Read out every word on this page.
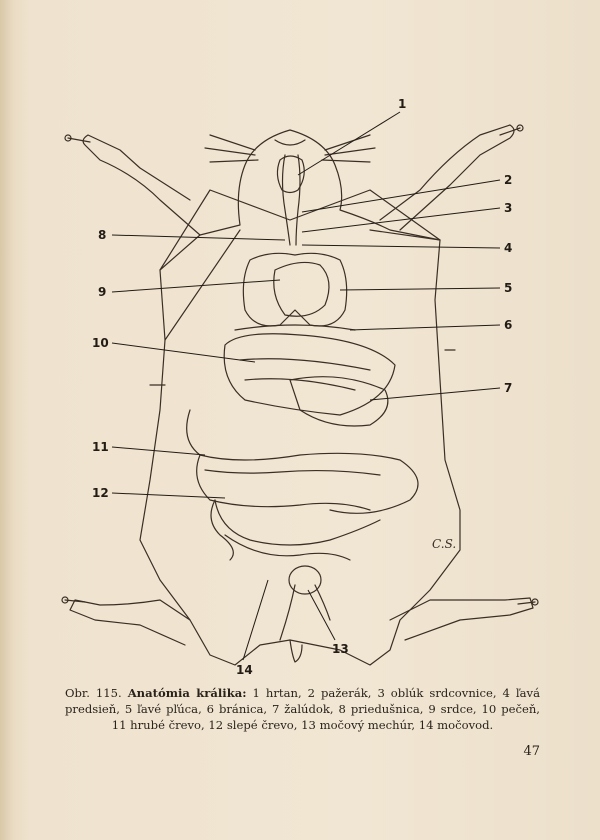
1
2
3
4
5
6
7
8
9
10
11
12
13
14
C.S.
Obr. 115. Anatómia králika: 1 hrtan, 2 pažerák, 3 oblúk srdcovnice, 4 ľavá predsieň, 5 ľavé pľúca, 6 bránica, 7 žalúdok, 8 priedušnica, 9 srdce, 10 pečeň, 11 hrubé črevo, 12 slepé črevo, 13 močový mechúr, 14 močovod.
47
